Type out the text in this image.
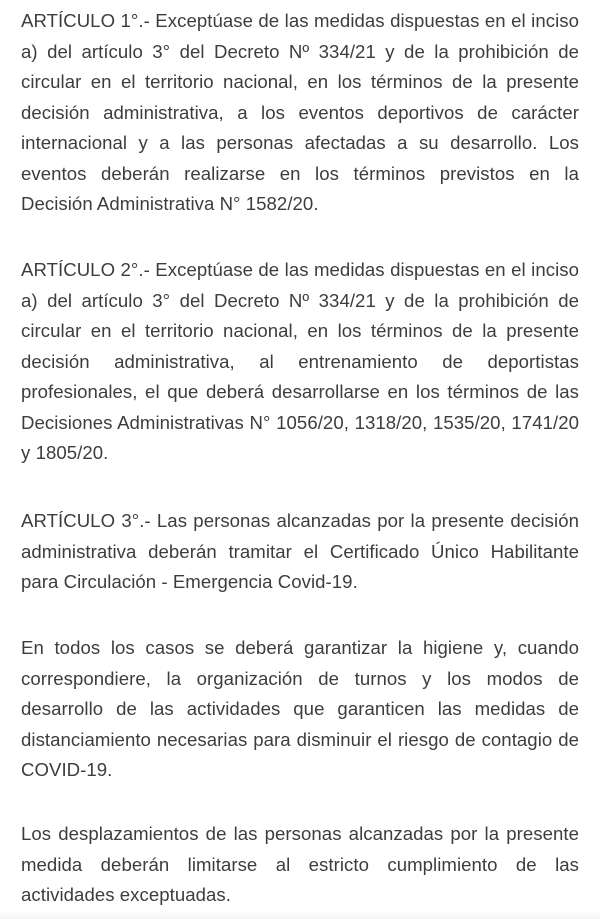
ARTÍCULO 1°.- Exceptúase de las medidas dispuestas en el inciso a) del artículo 3° del Decreto Nº 334/21 y de la prohibición de circular en el territorio nacional, en los términos de la presente decisión administrativa, a los eventos deportivos de carácter internacional y a las personas afectadas a su desarrollo. Los eventos deberán realizarse en los términos previstos en la Decisión Administrativa N° 1582/20.

ARTÍCULO 2°.- Exceptúase de las medidas dispuestas en el inciso a) del artículo 3° del Decreto Nº 334/21 y de la prohibición de circular en el territorio nacional, en los términos de la presente decisión administrativa, al entrenamiento de deportistas profesionales, el que deberá desarrollarse en los términos de las Decisiones Administrativas N° 1056/20, 1318/20, 1535/20, 1741/20 y 1805/20.

ARTÍCULO 3°.- Las personas alcanzadas por la presente decisión administrativa deberán tramitar el Certificado Único Habilitante para Circulación - Emergencia Covid-19.

En todos los casos se deberá garantizar la higiene y, cuando correspondiere, la organización de turnos y los modos de desarrollo de las actividades que garanticen las medidas de distanciamiento necesarias para disminuir el riesgo de contagio de COVID-19.

Los desplazamientos de las personas alcanzadas por la presente medida deberán limitarse al estricto cumplimiento de las actividades exceptuadas.
